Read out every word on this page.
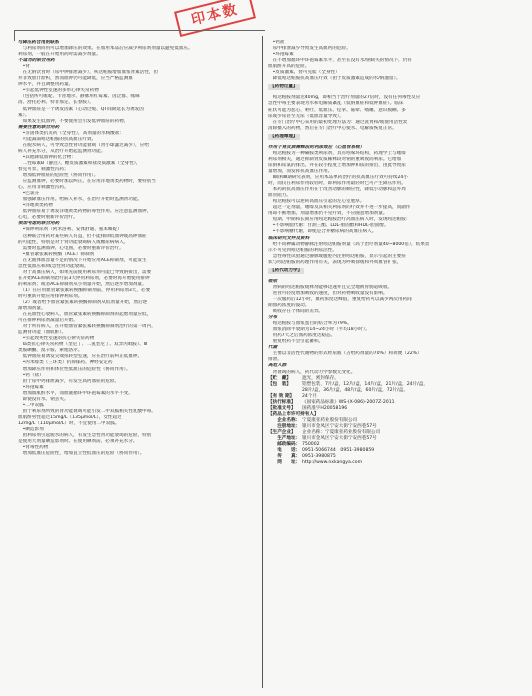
印本数
与降压药合用的联系
　与利尿剂同用可以增加降压的效果。在加用本品后应减少利尿剂剂量以避免低血压。
利尿剂，一般在开始用药时需减少剂量。
不适当的联合用药
　•肾
　在无钠饮食时（尿中钾排泄减少），呋达帕胺增加血浆肾素活性，但
并非致胆汁淤积，然而血钾仍可能降低，应当严格监测血
钾水平，并且调整用药量。
　•引起低钾性室速的多形心律失常药物
　（包括所可哌啶、卡普地尔、静脉用红霉素、卤泛群、哌咪
清、舒托必利、特非那定、长春胺）。
　低钾血症是一个诱发因素（心动过缓、QT间期延长为诱发因
素）。
　如果发生低血钾，不要使用会引发低钾血症的药物。
需要注意的联合用药
　•非固体类抗炎药（全身性），高剂量的水杨酸盐：
　可能减弱吲达帕胺的抗高血压疗效。
　在脱水病人，可导致急性肾功能衰竭（肾小球滤过减少），应给
病人补充水分，从治疗开始起监测肾功能。
　•其他降低血钾的化合物：
　二性霉素B（静注）、糖皮质激素和盐皮质激素（全身性），
替克可泵、刺激性泻药；
　增加低钾血症的危险性（协同作用）。
　应监测血钾，必要时加以纠正。在应用洋地黄类药物时，要特别当
心。应用非刺激性泻药。
　•巴氯芬
　加强降血压作用。给病人补水，在治疗开始时监测肾功能。
　•洋地黄类药物
　低钾血症易于诱发洋地黄类药物的毒性作用。应注意监测血钾，
心电，必要时重新评价治疗。
须加考虑的联合用药
　•保钾利尿剂（阿米洛利、安体舒通、氨苯蝶啶）
　这种联合用药对某些病人有益，但不能排除低血钾或高钾血症
的可能性，特别是对于肾功能衰竭病人或糖尿病病人。
　需要时监测血钾、心电图，必要时重新评价治疗。
　•血管紧张素转换酶（ACE）抑制剂
　在无液体血容量不足的情况下开始应用ACE抑制剂，可能发生
急性低血压和/或急性肾功能衰竭。
　对于高血压病人，如果先前使用利尿剂可能已导致钠排出，需要
在开始ACE抑制剂治疗前3天停用利尿剂，必要时再开始使用排钾
的利尿剂；或者ACE抑制剂从小剂量开始，然后逐步增加剂量。
　（1）在应用血管紧张素转换酶抑制剂前，停用利尿剂3天，必要
时可重新开始应用排钾利尿剂。
　（2）或者给予血管紧张素转换酶抑制剂从低剂量开始，然后逐
渐增加剂量。
　在充血性心衰病人，血管紧张素转换酶抑制剂的起始剂量应低，
可在排钾利尿剂减量后开始。
　对于所有病人，在开始血管紧张素转换酶抑制剂治疗的第一周内，
监测肾功能（血肌酐）。
　•引起致死性室速的抗心律失常药物
　Ⅰa类抗心律失常药物（奎尼丁、二氢奎尼丁、双异丙吡胺）、Ⅲ
类胺碘酮、溴苄胺、索他洛尔。
　低钾血症易诱发尖端扭转型室速，应在治疗前纠正低血钾。
　•丙米嗪类（三环类）抗抑郁药、神经安定药
　增加降压作用和体位性低血压的危险性（协同作用）。
　•钙（盐）
　由于尿中钙排泄减少，有发生高钙血症的危险。
　•环孢霉素
　增加血肌酐水平，而血液循环中环孢霉素的水平不变。
　即使没有水、钠丢失。
　•二甲双胍
　由于利尿剂所致的肾功能衰竭可能引发二甲双胍相关性乳酸中毒。
血肌酐男性超过15mg/L（135μmol/L），女性超过
12mg/L（110μmol/L）时，不宜使用二甲双胍。
　•碘造影剂
　由利尿剂引起脱水的病人，有发生急性肾功能衰竭的危险，特别
是使用大剂量碘造影剂时。在使用碘剂前，必须补充水分。
　•肾毒性药物
　增加低血压危险性，增加直立性低血压的危险（协同作用）。
　•钙盐
　尿中排泄减少导致发生高血钙的危险。
　•环孢霉素
　在不增加循环中环孢霉素水平，甚至在没有水/钠缺失的情况下，仍有
血肌酐升高的危险。
　•皮质激素、替可克肽（全身性）
　降低吲达帕胺抗高血压疗效（由于皮质激素造成的水/钠潴留）。
【药物过量】
　吲达帕胺剂量达40mg，即相当于治疗剂量的27倍时，没有任何毒性反应
急性中毒主要表现为水和电解质紊乱（低钠血症和低钾血症）。临床
症状可能为恶心、呕吐、低血压、痉挛、眩晕、嗜睡、意识模糊、多
尿或少尿甚至无尿（低血容量导致）。
　在专门治疗中心采用的最初处理方法为：通过洗胃和/或使用活性炭
清除摄入的药物，然后在专门治疗中心使水、电解质恢复正常。
【药理毒理】
作用于肾皮质稀释段的利尿效应（心血管系统）
　吲达帕胺为一种磺胺类利尿剂，具有吲哚环结构，药理学上与噻嗪
利尿剂相关，通过抑制肾皮质稀释段对钠的重吸收而利尿。它增加
尿钠和尿氯的排出，并在较小程度上增加钾和镁的排出，由此导致尿
量增加，而发挥抗高血压作用。
　Ⅱ期和Ⅲ期研究表明，应用本品单药治疗的抗高血压疗效可持续24小
时，而仅在利尿作用较轻时，即利尿作用最轻时已可产生降压作用。
　本药的抗高血压作用在于改善动脉的顺应性，降低小动脉和总外周
血管阻力。
　吲达帕胺可以逆转高血压引起的左心室肥厚。
　超过一定剂量，噻嗪及其相关利尿剂的疗效并不进一步提高，而副作
用却不断增加。剂量增加仍不见疗效，不应随意增加剂量。
　短期、中期和长期应用吲达帕胺治疗高血压病人时，发现吲达帕胺：
　•不影响脂代谢：甘油三酯、LDL-胆固醇和HDL-胆固醇。
　•不影响糖代谢，即使是合并糖尿病的高血压病人。
临床研究文件及资料
　给不同种属动物静脉注射吲达帕胺剂量（高于治疗剂量40~8000倍），结果显
示不可见到吲达帕胺的利尿活性。
　急性毒性试验通过静脉或腹腔内注射吲达帕胺，显示引起的主要症
状与吲达帕胺的药理作用有关，表现为呼吸徐缓和外周血管扩张。
【药代动力学】
吸收
　肾病的吲达帕胺缓释剂能够迅速并且完全地被胃肠道吸收。
　进食可轻度增加吸收的速度，但对药物吸收量没有影响。
　一次服药后12小时，血药浓度达峰值，重复给药可以减少两次用药间
期血药浓度的波动。
　吸收存在个体间的差异。
分布
　吲达帕胺与血浆蛋白的结合率为79%。
　血浆消除半衰期为14~24小时（平均18小时）。
　用药7天之后血药浓度达稳态。
　重复给药不会引起蓄积。
代谢
　主要以非活性代谢物的形式经尿液（占给药剂量的70%）和粪便（22%）
排泄。
高危人群
　肾衰竭的病人，药代动力学参数无变化。
【贮　藏】	遮光，密封保存。
【包　装】	铝塑包装，7片/盒，12片/盒，14片/盒，21片/盒，24片/盒，
28片/盒，36片/盒，48片/盒，60片/盒，72片/盒。
【有 效 期】	24个月
【执行标准】	《国家药品标准》WS-(X-086)-2007Z-2011
【批准文号】	国药准字H20058196
【药品上市许可持有人】
　　企业名称： 宁夏康亚药业股份有限公司
　　注册地址： 银川市金凤区宁安大街宁安西巷57号
【生产企业】	企业名称：宁夏康亚药业股份有限公司
　　生产地址： 银川市金凤区宁安大街宁安西巷57号
　　邮政编码： 750002
　　电　　话： 0951-5066744　0951-3980859
　　传　　真： 0951-3980875
　　网　　址： http://www.nxkangya.com
